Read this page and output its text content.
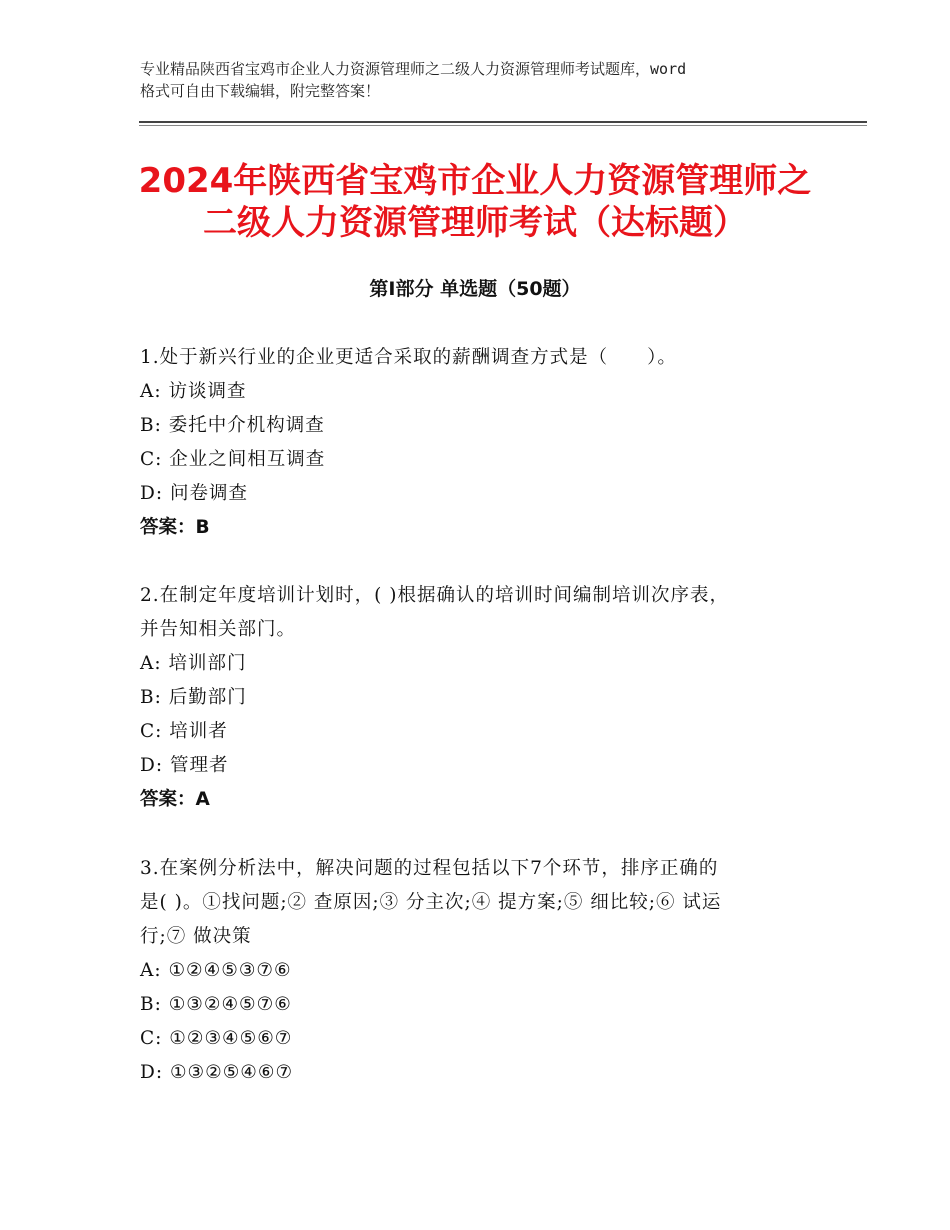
专业精品陕西省宝鸡市企业人力资源管理师之二级人力资源管理师考试题库，word
格式可自由下载编辑，附完整答案！
2024年陕西省宝鸡市企业人力资源管理师之
二级人力资源管理师考试（达标题）
第Ⅰ部分 单选题（50题）
1.处于新兴行业的企业更适合采取的薪酬调查方式是（　　）。
A: 访谈调查
B: 委托中介机构调查
C: 企业之间相互调查
D: 问卷调查
答案：B
2.在制定年度培训计划时，( )根据确认的培训时间编制培训次序表，
并告知相关部门。
A: 培训部门
B: 后勤部门
C: 培训者
D: 管理者
答案：A
3.在案例分析法中，解决问题的过程包括以下7个环节，排序正确的
是( )。①找问题;② 查原因;③ 分主次;④ 提方案;⑤ 细比较;⑥ 试运
行;⑦ 做决策
A: ①②④⑤③⑦⑥
B: ①③②④⑤⑦⑥
C: ①②③④⑤⑥⑦
D: ①③②⑤④⑥⑦
